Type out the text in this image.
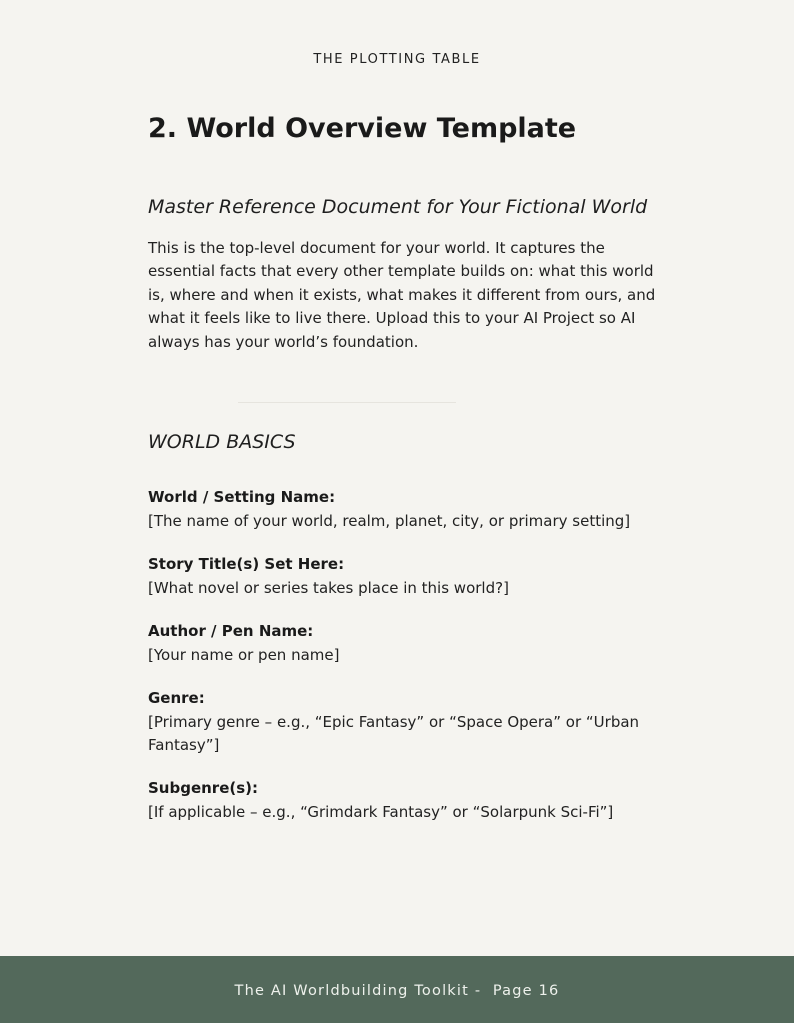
THE PLOTTING TABLE
2. World Overview Template
Master Reference Document for Your Fictional World

This is the top-level document for your world. It captures the essential facts that every other template builds on: what this world is, where and when it exists, what makes it different from ours, and what it feels like to live there. Upload this to your AI Project so AI always has your world’s foundation.

WORLD BASICS
World / Setting Name:
[The name of your world, realm, planet, city, or primary setting]
Story Title(s) Set Here:
[What novel or series takes place in this world?]
Author / Pen Name:
[Your name or pen name]
Genre:
[Primary genre – e.g., “Epic Fantasy” or “Space Opera” or “Urban Fantasy”]
Subgenre(s):
[If applicable – e.g., “Grimdark Fantasy” or “Solarpunk Sci-Fi”]
The AI Worldbuilding Toolkit -  Page 16
